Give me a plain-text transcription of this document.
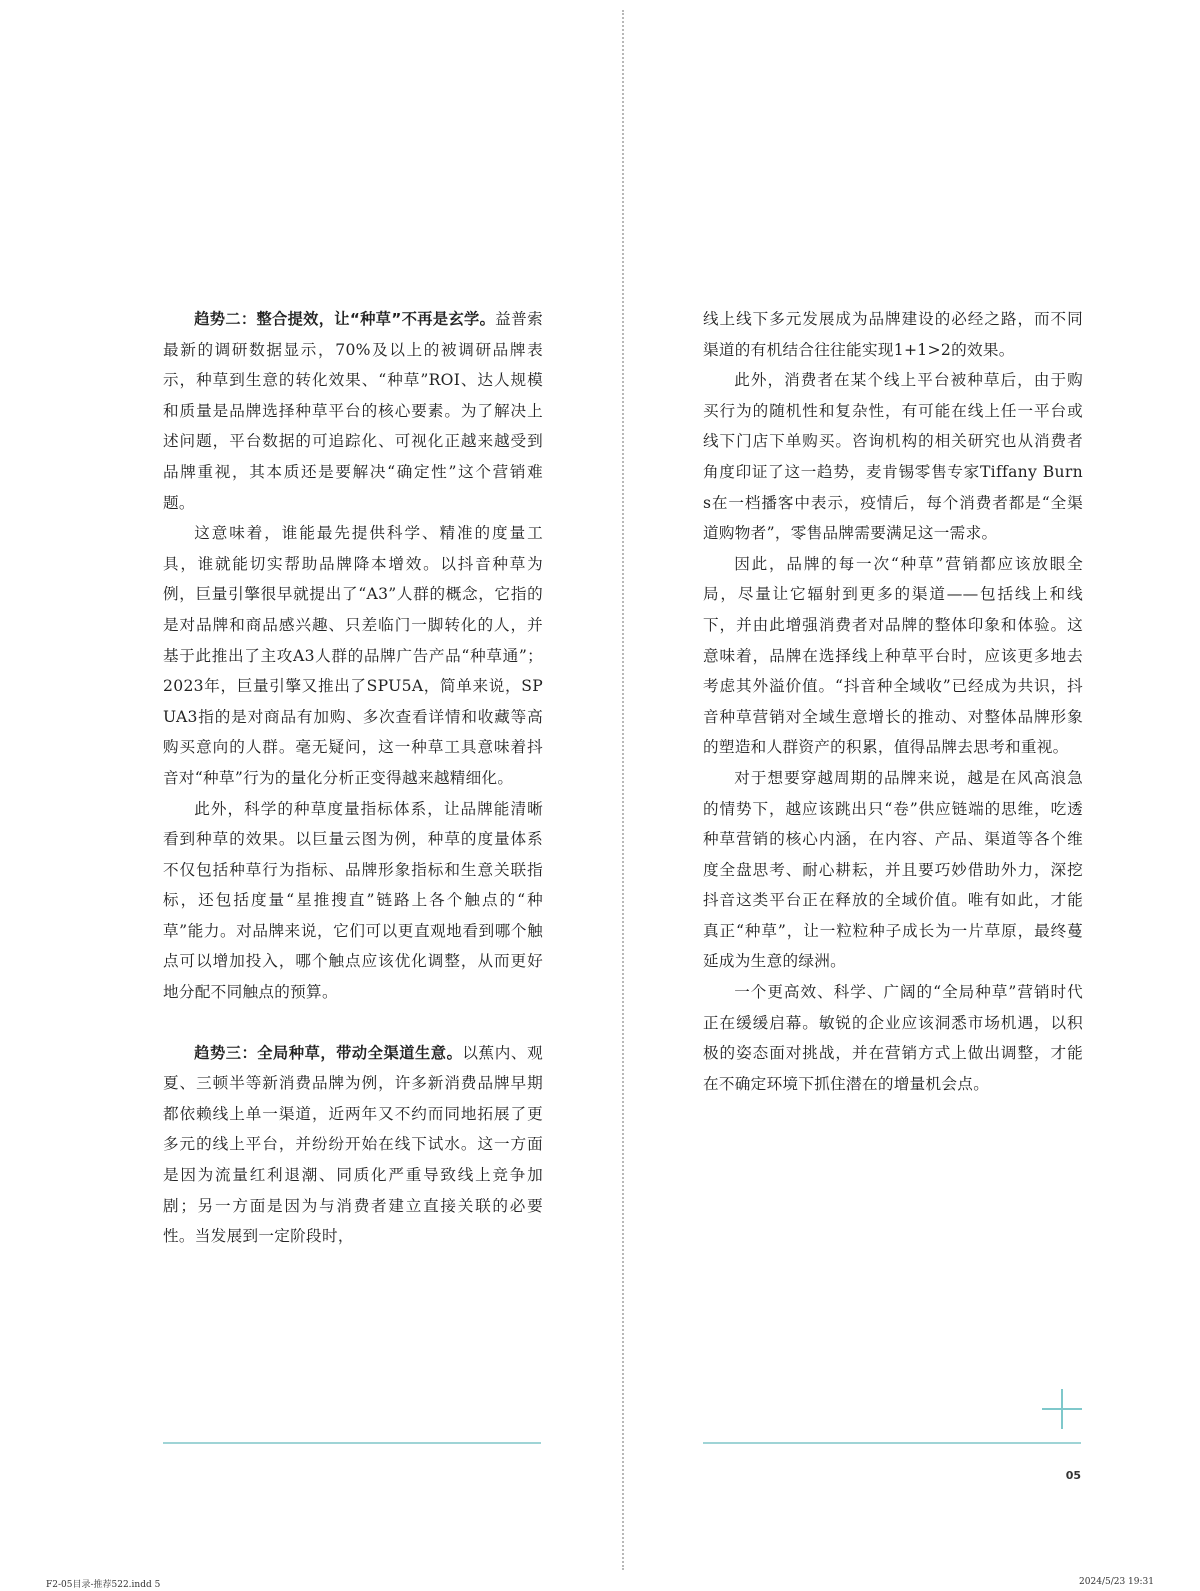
趋势二：整合提效，让“种草”不再是玄学。益普索最新的调研数据显示，70%及以上的被调研品牌表示，种草到生意的转化效果、“种草”ROI、达人规模和质量是品牌选择种草平台的核心要素。为了解决上述问题，平台数据的可追踪化、可视化正越来越受到品牌重视，其本质还是要解决“确定性”这个营销难题。

这意味着，谁能最先提供科学、精准的度量工具，谁就能切实帮助品牌降本增效。以抖音种草为例，巨量引擎很早就提出了“A3”人群的概念，它指的是对品牌和商品感兴趣、只差临门一脚转化的人，并基于此推出了主攻A3人群的品牌广告产品“种草通”；2023年，巨量引擎又推出了SPU5A，简单来说，SPUA3指的是对商品有加购、多次查看详情和收藏等高购买意向的人群。毫无疑问，这一种草工具意味着抖音对“种草”行为的量化分析正变得越来越精细化。

此外，科学的种草度量指标体系，让品牌能清晰看到种草的效果。以巨量云图为例，种草的度量体系不仅包括种草行为指标、品牌形象指标和生意关联指标，还包括度量“星推搜直”链路上各个触点的“种草”能力。对品牌来说，它们可以更直观地看到哪个触点可以增加投入，哪个触点应该优化调整，从而更好地分配不同触点的预算。

趋势三：全局种草，带动全渠道生意。以蕉内、观夏、三顿半等新消费品牌为例，许多新消费品牌早期都依赖线上单一渠道，近两年又不约而同地拓展了更多元的线上平台，并纷纷开始在线下试水。这一方面是因为流量红利退潮、同质化严重导致线上竞争加剧；另一方面是因为与消费者建立直接关联的必要性。当发展到一定阶段时，

线上线下多元发展成为品牌建设的必经之路，而不同渠道的有机结合往往能实现1+1>2的效果。

此外，消费者在某个线上平台被种草后，由于购买行为的随机性和复杂性，有可能在线上任一平台或线下门店下单购买。咨询机构的相关研究也从消费者角度印证了这一趋势，麦肯锡零售专家Tiffany Burns在一档播客中表示，疫情后，每个消费者都是“全渠道购物者”，零售品牌需要满足这一需求。

因此，品牌的每一次“种草”营销都应该放眼全局，尽量让它辐射到更多的渠道——包括线上和线下，并由此增强消费者对品牌的整体印象和体验。这意味着，品牌在选择线上种草平台时，应该更多地去考虑其外溢价值。“抖音种全域收”已经成为共识，抖音种草营销对全域生意增长的推动、对整体品牌形象的塑造和人群资产的积累，值得品牌去思考和重视。

对于想要穿越周期的品牌来说，越是在风高浪急的情势下，越应该跳出只“卷”供应链端的思维，吃透种草营销的核心内涵，在内容、产品、渠道等各个维度全盘思考、耐心耕耘，并且要巧妙借助外力，深挖抖音这类平台正在释放的全域价值。唯有如此，才能真正“种草”，让一粒粒种子成长为一片草原，最终蔓延成为生意的绿洲。

一个更高效、科学、广阔的“全局种草”营销时代正在缓缓启幕。敏锐的企业应该洞悉市场机遇，以积极的姿态面对挑战，并在营销方式上做出调整，才能在不确定环境下抓住潜在的增量机会点。

05
F2-05目录-推荐522.indd 5	2024/5/23 19:31
